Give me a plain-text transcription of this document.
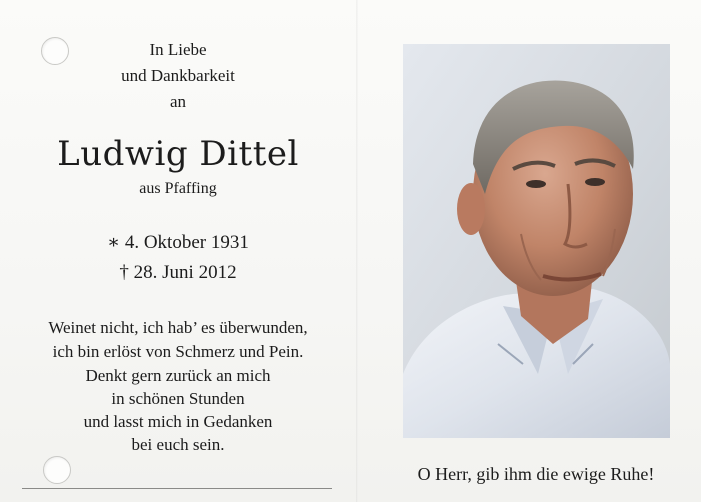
In Liebe
und Dankbarkeit
an
Ludwig Dittel
aus Pfaffing
∗ 4. Oktober 1931
† 28. Juni 2012
Weinet nicht, ich hab’ es überwunden,
ich bin erlöst von Schmerz und Pein.
Denkt gern zurück an mich
in schönen Stunden
und lasst mich in Gedanken
bei euch sein.
O Herr, gib ihm die ewige Ruhe!
